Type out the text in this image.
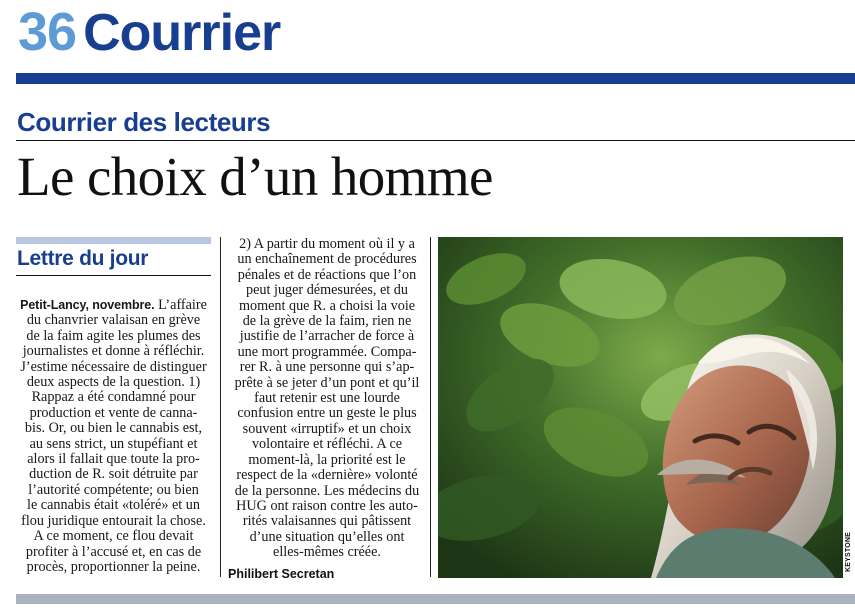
36 Courrier
Courrier des lecteurs
Le choix d’un homme
Lettre du jour
Petit-Lancy, novembre. L’affaire
du chanvrier valaisan en grève
de la faim agite les plumes des
journalistes et donne à réfléchir.
J’estime nécessaire de distinguer
deux aspects de la question. 1)
Rappaz a été condamné pour
production et vente de canna-
bis. Or, ou bien le cannabis est,
au sens strict, un stupéfiant et
alors il fallait que toute la pro-
duction de R. soit détruite par
l’autorité compétente; ou bien
le cannabis était «toléré» et un
flou juridique entourait la chose.
A ce moment, ce flou devait
profiter à l’accusé et, en cas de
procès, proportionner la peine.
2) A partir du moment où il y a
un enchaînement de procédures
pénales et de réactions que l’on
peut juger démesurées, et du
moment que R. a choisi la voie
de la grève de la faim, rien ne
justifie de l’arracher de force à
une mort programmée. Compa-
rer R. à une personne qui s’ap-
prête à se jeter d’un pont et qu’il
faut retenir est une lourde
confusion entre un geste le plus
souvent «irruptif» et un choix
volontaire et réfléchi. A ce
moment-là, la priorité est le
respect de la «dernière» volonté
de la personne. Les médecins du
HUG ont raison contre les auto-
rités valaisannes qui pâtissent
d’une situation qu’elles ont
elles-mêmes créée.
Philibert Secretan
KEYSTONE
